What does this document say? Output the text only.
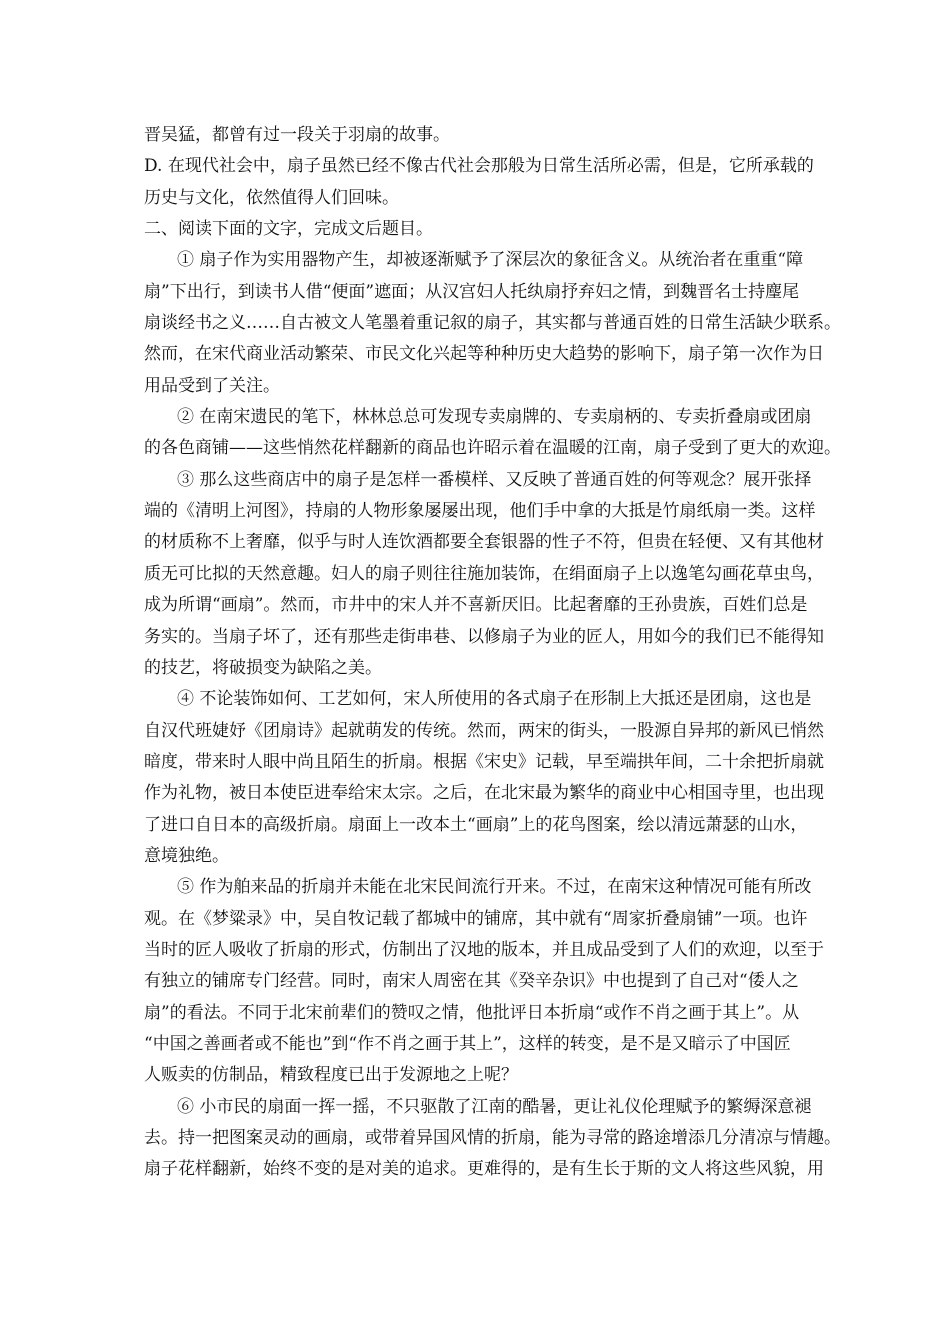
晋吴猛，都曾有过一段关于羽扇的故事。
D. 在现代社会中，扇子虽然已经不像古代社会那般为日常生活所必需，但是，它所承载的
历史与文化，依然值得人们回味。
二、阅读下面的文字，完成文后题目。
① 扇子作为实用器物产生，却被逐渐赋予了深层次的象征含义。从统治者在重重“障
扇”下出行，到读书人借“便面”遮面；从汉宫妇人托纨扇抒弃妇之情，到魏晋名士持麈尾
扇谈经书之义……自古被文人笔墨着重记叙的扇子，其实都与普通百姓的日常生活缺少联系。
然而，在宋代商业活动繁荣、市民文化兴起等种种历史大趋势的影响下，扇子第一次作为日
用品受到了关注。
② 在南宋遗民的笔下，林林总总可发现专卖扇牌的、专卖扇柄的、专卖折叠扇或团扇
的各色商铺——这些悄然花样翻新的商品也许昭示着在温暖的江南，扇子受到了更大的欢迎。
③ 那么这些商店中的扇子是怎样一番模样、又反映了普通百姓的何等观念？展开张择
端的《清明上河图》，持扇的人物形象屡屡出现，他们手中拿的大抵是竹扇纸扇一类。这样
的材质称不上奢靡，似乎与时人连饮酒都要全套银器的性子不符，但贵在轻便、又有其他材
质无可比拟的天然意趣。妇人的扇子则往往施加装饰，在绢面扇子上以逸笔勾画花草虫鸟，
成为所谓“画扇”。然而，市井中的宋人并不喜新厌旧。比起奢靡的王孙贵族，百姓们总是
务实的。当扇子坏了，还有那些走街串巷、以修扇子为业的匠人，用如今的我们已不能得知
的技艺，将破损变为缺陷之美。
④ 不论装饰如何、工艺如何，宋人所使用的各式扇子在形制上大抵还是团扇，这也是
自汉代班婕妤《团扇诗》起就萌发的传统。然而，两宋的街头，一股源自异邦的新风已悄然
暗度，带来时人眼中尚且陌生的折扇。根据《宋史》记载，早至端拱年间，二十余把折扇就
作为礼物，被日本使臣进奉给宋太宗。之后，在北宋最为繁华的商业中心相国寺里，也出现
了进口自日本的高级折扇。扇面上一改本土“画扇”上的花鸟图案，绘以清远萧瑟的山水，
意境独绝。
⑤ 作为舶来品的折扇并未能在北宋民间流行开来。不过，在南宋这种情况可能有所改
观。在《梦粱录》中，吴自牧记载了都城中的铺席，其中就有“周家折叠扇铺”一项。也许
当时的匠人吸收了折扇的形式，仿制出了汉地的版本，并且成品受到了人们的欢迎，以至于
有独立的铺席专门经营。同时，南宋人周密在其《癸辛杂识》中也提到了自己对“倭人之
扇”的看法。不同于北宋前辈们的赞叹之情，他批评日本折扇“或作不肖之画于其上”。从
“中国之善画者或不能也”到“作不肖之画于其上”，这样的转变，是不是又暗示了中国匠
人贩卖的仿制品，精致程度已出于发源地之上呢？
⑥ 小市民的扇面一挥一摇，不只驱散了江南的酷暑，更让礼仪伦理赋予的繁缛深意褪
去。持一把图案灵动的画扇，或带着异国风情的折扇，能为寻常的路途增添几分清凉与情趣。
扇子花样翻新，始终不变的是对美的追求。更难得的，是有生长于斯的文人将这些风貌，用
